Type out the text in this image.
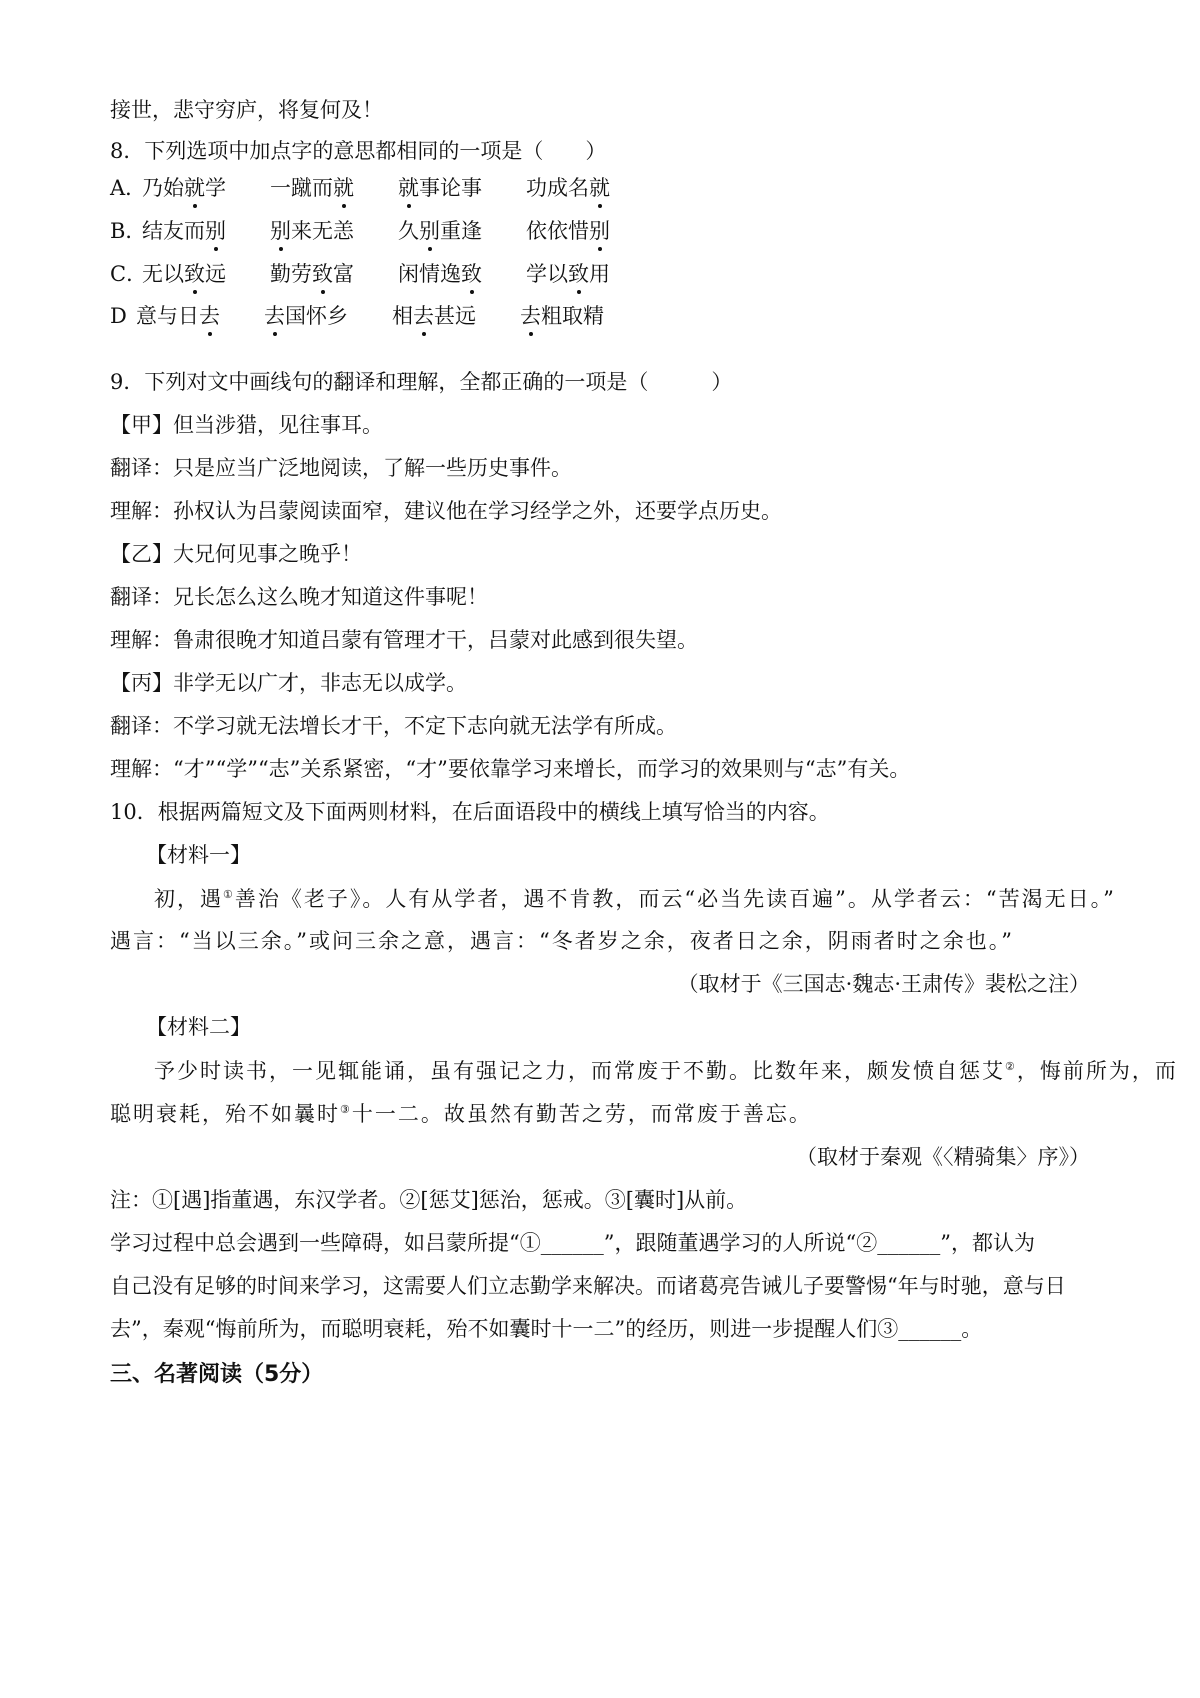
接世，悲守穷庐，将复何及！
8．下列选项中加点字的意思都相同的一项是（　　）
A．
乃始就学 一蹴而就 就事论事 功成名就
B．
结友而别 别来无恙 久别重逢 依依惜别
C．
无以致远 勤劳致富 闲情逸致 学以致用
D 意与日去 去国怀乡 相去甚远 去粗取精
9．下列对文中画线句的翻译和理解，全都正确的一项是（　　　）
【甲】但当涉猎，见往事耳。
翻译：只是应当广泛地阅读，了解一些历史事件。
理解：孙权认为吕蒙阅读面窄，建议他在学习经学之外，还要学点历史。
【乙】大兄何见事之晚乎！
翻译：兄长怎么这么晚才知道这件事呢！
理解：鲁肃很晚才知道吕蒙有管理才干，吕蒙对此感到很失望。
【丙】非学无以广才，非志无以成学。
翻译：不学习就无法增长才干，不定下志向就无法学有所成。
理解：“才”“学”“志”关系紧密，“才”要依靠学习来增长，而学习的效果则与“志”有关。
10．根据两篇短文及下面两则材料，在后面语段中的横线上填写恰当的内容。
【材料一】
初，遇①善治《老子》。人有从学者，遇不肯教，而云“必当先读百遍”。从学者云：“苦渴无日。”
遇言：“当以三余。”或问三余之意，遇言：“冬者岁之余，夜者日之余，阴雨者时之余也。”
（取材于《三国志·魏志·王肃传》裴松之注）
【材料二】
予少时读书，一见辄能诵，虽有强记之力，而常废于不勤。比数年来，颇发愤自惩艾②，悔前所为，而
聪明衰耗，殆不如曩时③十一二。故虽然有勤苦之劳，而常废于善忘。
（取材于秦观《〈精骑集〉序》）
注：①[遇]指董遇，东汉学者。②[惩艾]惩治，惩戒。③[囊时]从前。
学习过程中总会遇到一些障碍，如吕蒙所提“①______”，跟随董遇学习的人所说“②______”，都认为
自己没有足够的时间来学习，这需要人们立志勤学来解决。而诸葛亮告诫儿子要警惕“年与时驰，意与日
去”，秦观“悔前所为，而聪明衰耗，殆不如囊时十一二”的经历，则进一步提醒人们③______。
三、名著阅读（5分）
